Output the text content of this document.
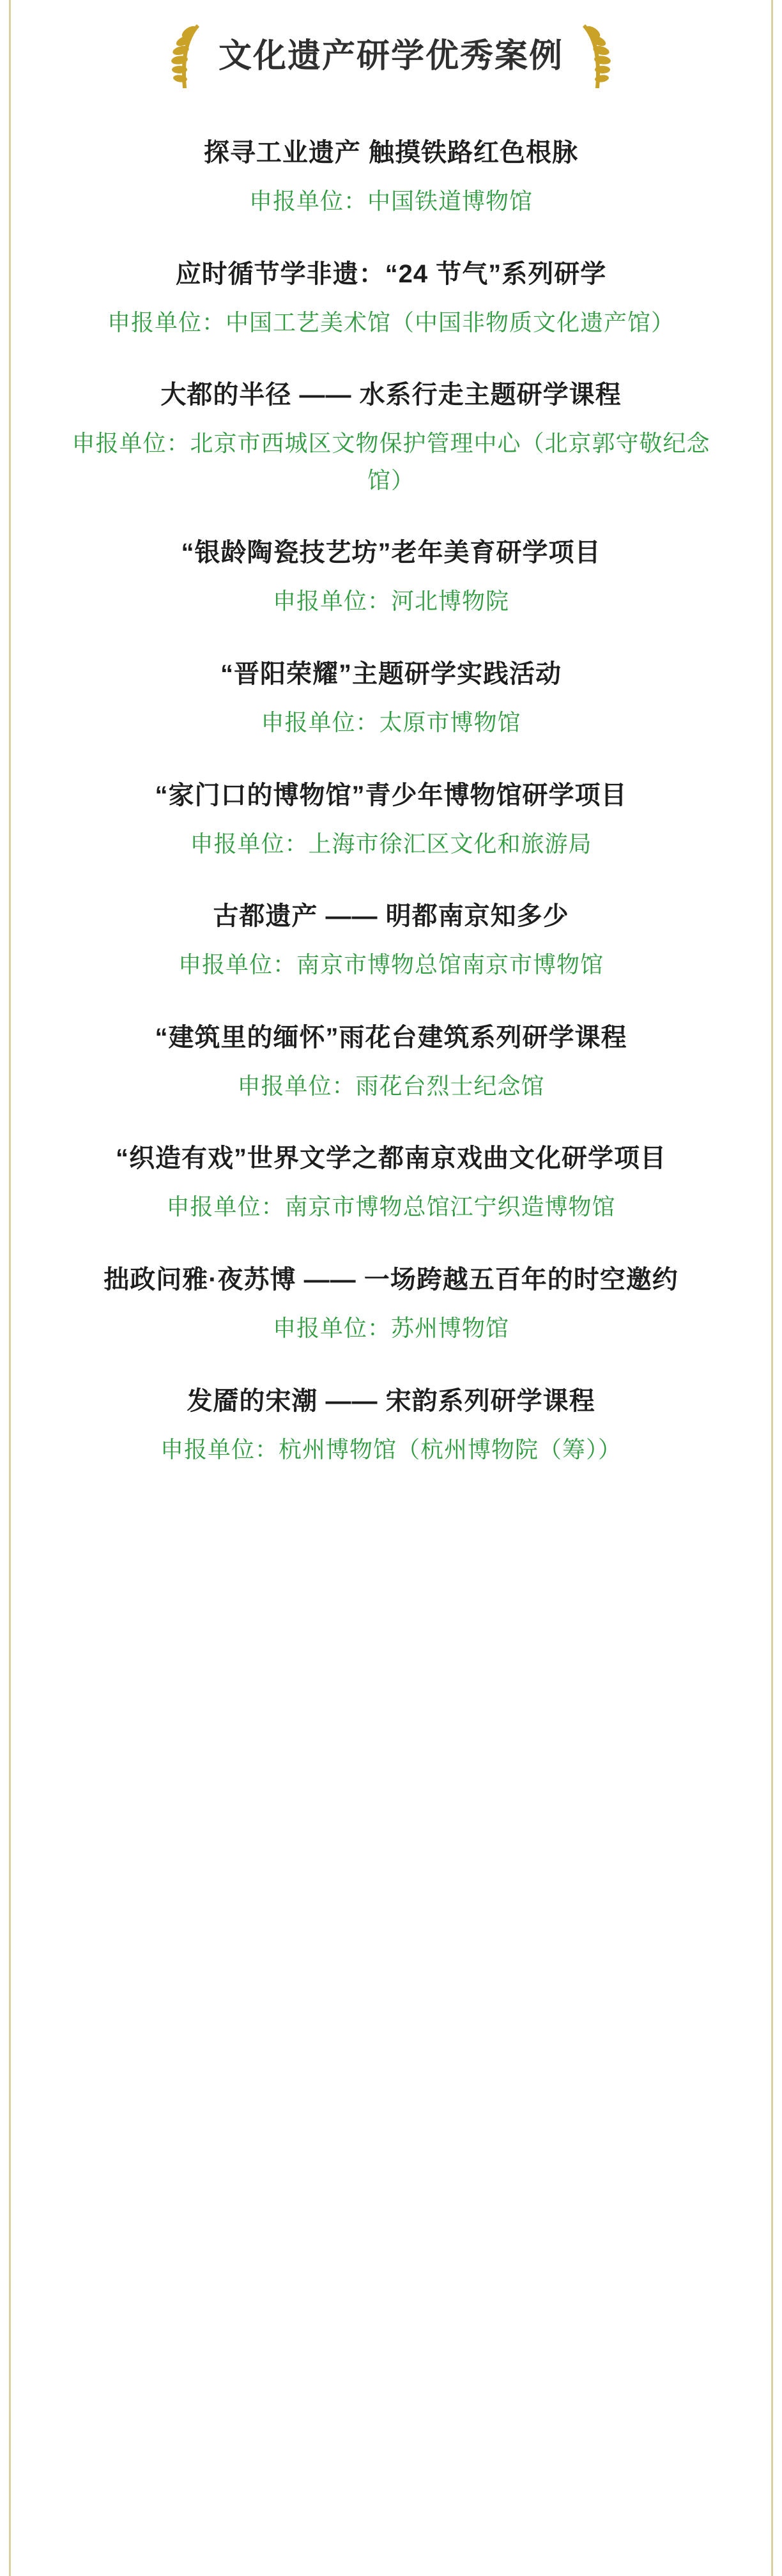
文化遗产研学优秀案例

探寻工业遗产 触摸铁路红色根脉

申报单位：中国铁道博物馆

应时循节学非遗：“24 节气”系列研学

申报单位：中国工艺美术馆（中国非物质文化遗产馆）

大都的半径 —— 水系行走主题研学课程

申报单位：北京市西城区文物保护管理中心（北京郭守敬纪念馆）

“银龄陶瓷技艺坊”老年美育研学项目

申报单位：河北博物院

“晋阳荣耀”主题研学实践活动

申报单位：太原市博物馆

“家门口的博物馆”青少年博物馆研学项目

申报单位：上海市徐汇区文化和旅游局

古都遗产 —— 明都南京知多少

申报单位：南京市博物总馆南京市博物馆

“建筑里的缅怀”雨花台建筑系列研学课程

申报单位：雨花台烈士纪念馆

“织造有戏”世界文学之都南京戏曲文化研学项目

申报单位：南京市博物总馆江宁织造博物馆

拙政问雅·夜苏博 —— 一场跨越五百年的时空邀约

申报单位：苏州博物馆

发靥的宋潮 —— 宋韵系列研学课程

申报单位：杭州博物馆（杭州博物院（筹））
